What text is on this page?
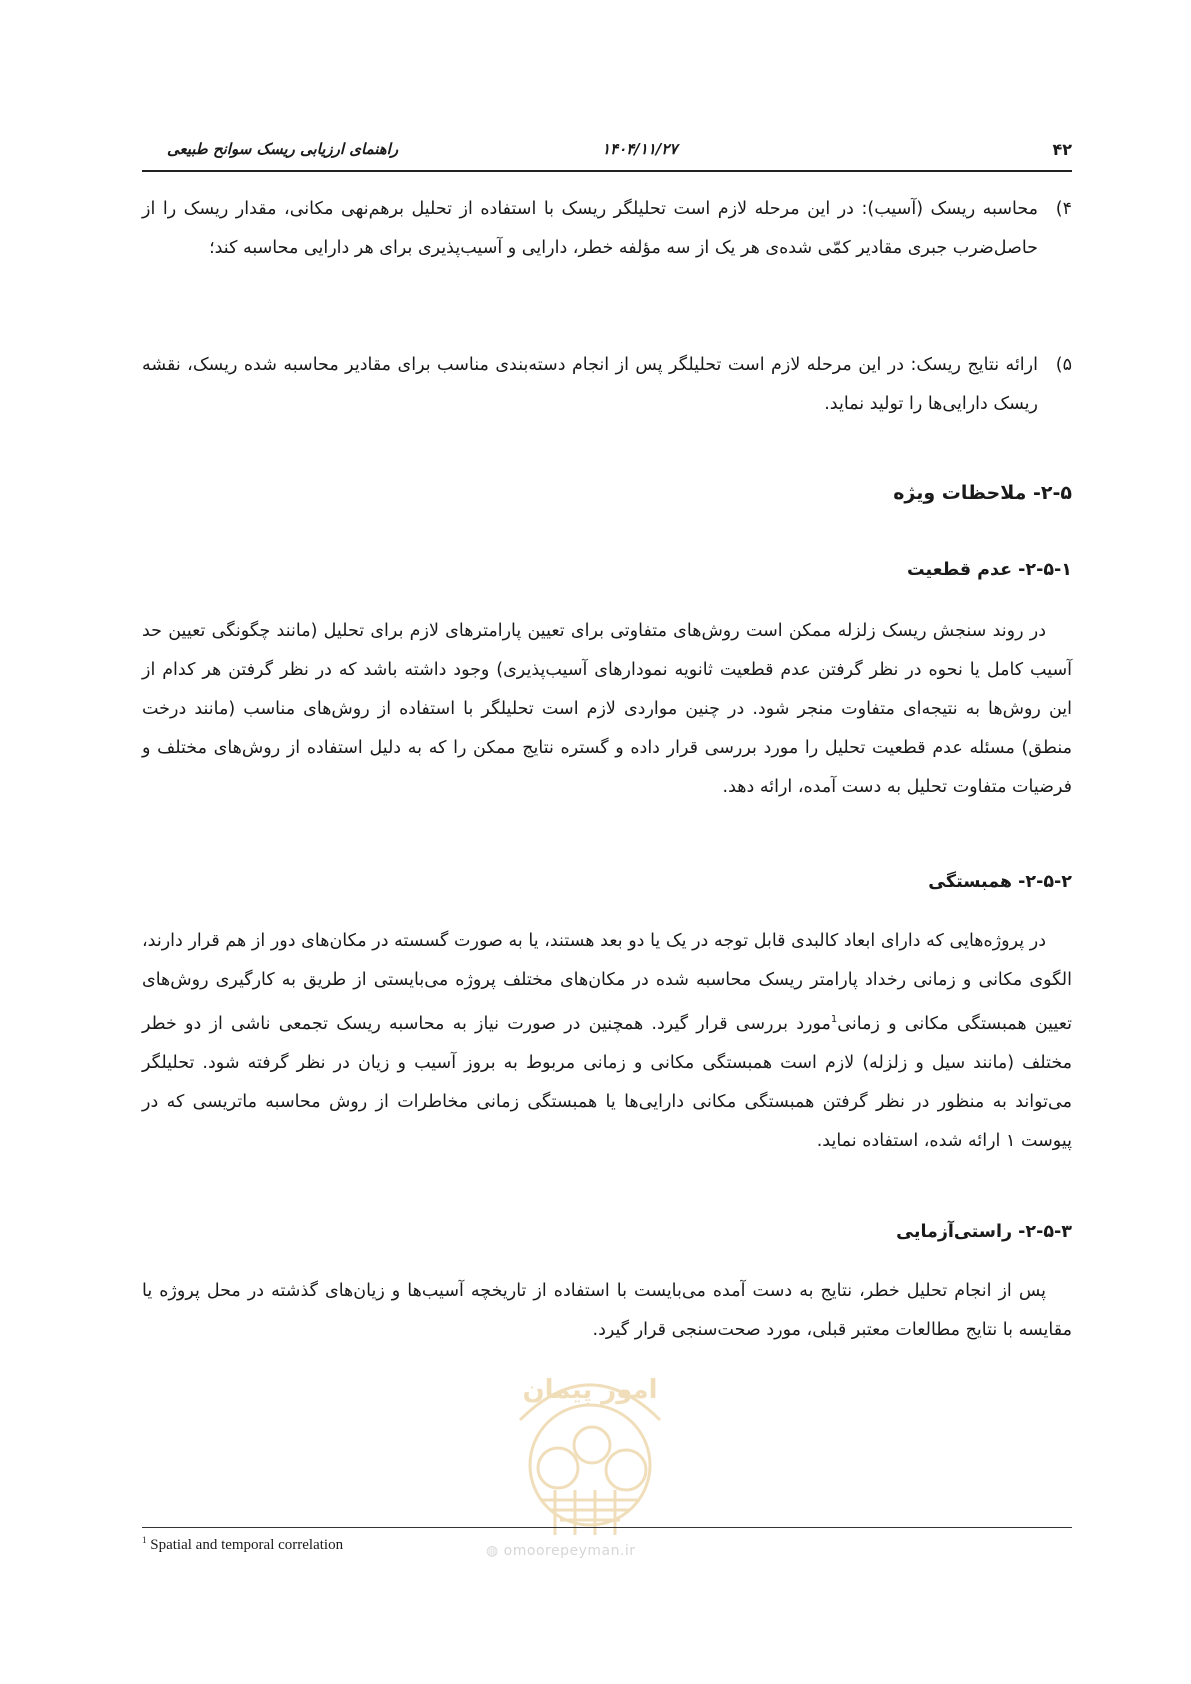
راهنمای ارزیابی ریسک سوانح طبیعی	۱۴۰۴/۱۱/۲۷	۴۲
۴)
محاسبه ریسک (آسیب): در این مرحله لازم است تحلیلگر ریسک با استفاده از تحلیل برهم‌نهی مکانی، مقدار ریسک را از حاصل‌ضرب جبری مقادیر کمّی شده‌ی هر یک از سه مؤلفه خطر، دارایی و آسیب‌پذیری برای هر دارایی محاسبه کند؛
۵)
ارائه نتایج ریسک: در این مرحله لازم است تحلیلگر پس از انجام دسته‌بندی مناسب برای مقادیر محاسبه شده ریسک، نقشه ریسک دارایی‌ها را تولید نماید.
۲-۵- ملاحظات ویژه
۲-۵-۱- عدم قطعیت
در روند سنجش ریسک زلزله ممکن است روش‌های متفاوتی برای تعیین پارامترهای لازم برای تحلیل (مانند چگونگی تعیین حد آسیب کامل یا نحوه در نظر گرفتن عدم قطعیت ثانویه نمودارهای آسیب‌پذیری) وجود داشته باشد که در نظر گرفتن هر کدام از این روش‌ها به نتیجه‌ای متفاوت منجر شود. در چنین مواردی لازم است تحلیلگر با استفاده از روش‌های مناسب (مانند درخت منطق) مسئله عدم قطعیت تحلیل را مورد بررسی قرار داده و گستره نتایج ممکن را که به دلیل استفاده از روش‌های مختلف و فرضیات متفاوت تحلیل به دست آمده، ارائه دهد.
۲-۵-۲- همبستگی
در پروژه‌هایی که دارای ابعاد کالبدی قابل توجه در یک یا دو بعد هستند، یا به صورت گسسته در مکان‌های دور از هم قرار دارند، الگوی مکانی و زمانی رخداد پارامتر ریسک محاسبه شده در مکان‌های مختلف پروژه می‌بایستی از طریق به کارگیری روش‌های تعیین همبستگی مکانی و زمانی$^1$مورد بررسی قرار گیرد. همچنین در صورت نیاز به محاسبه ریسک تجمعی ناشی از دو خطر مختلف (مانند سیل و زلزله) لازم است همبستگی مکانی و زمانی مربوط به بروز آسیب و زیان در نظر گرفته شود. تحلیلگر می‌تواند به منظور در نظر گرفتن همبستگی مکانی دارایی‌ها یا همبستگی زمانی مخاطرات از روش محاسبه ماتریسی که در پیوست ۱ ارائه شده، استفاده نماید.
۲-۵-۳- راستی‌آزمایی
پس از انجام تحلیل خطر، نتایج به دست آمده می‌بایست با استفاده از تاریخچه آسیب‌ها و زیان‌های گذشته در محل پروژه یا مقایسه با نتایج مطالعات معتبر قبلی، مورد صحت‌سنجی قرار گیرد.
امور پیمان
$^1$ Spatial and temporal correlation	◍ omoorepeyman.ir
